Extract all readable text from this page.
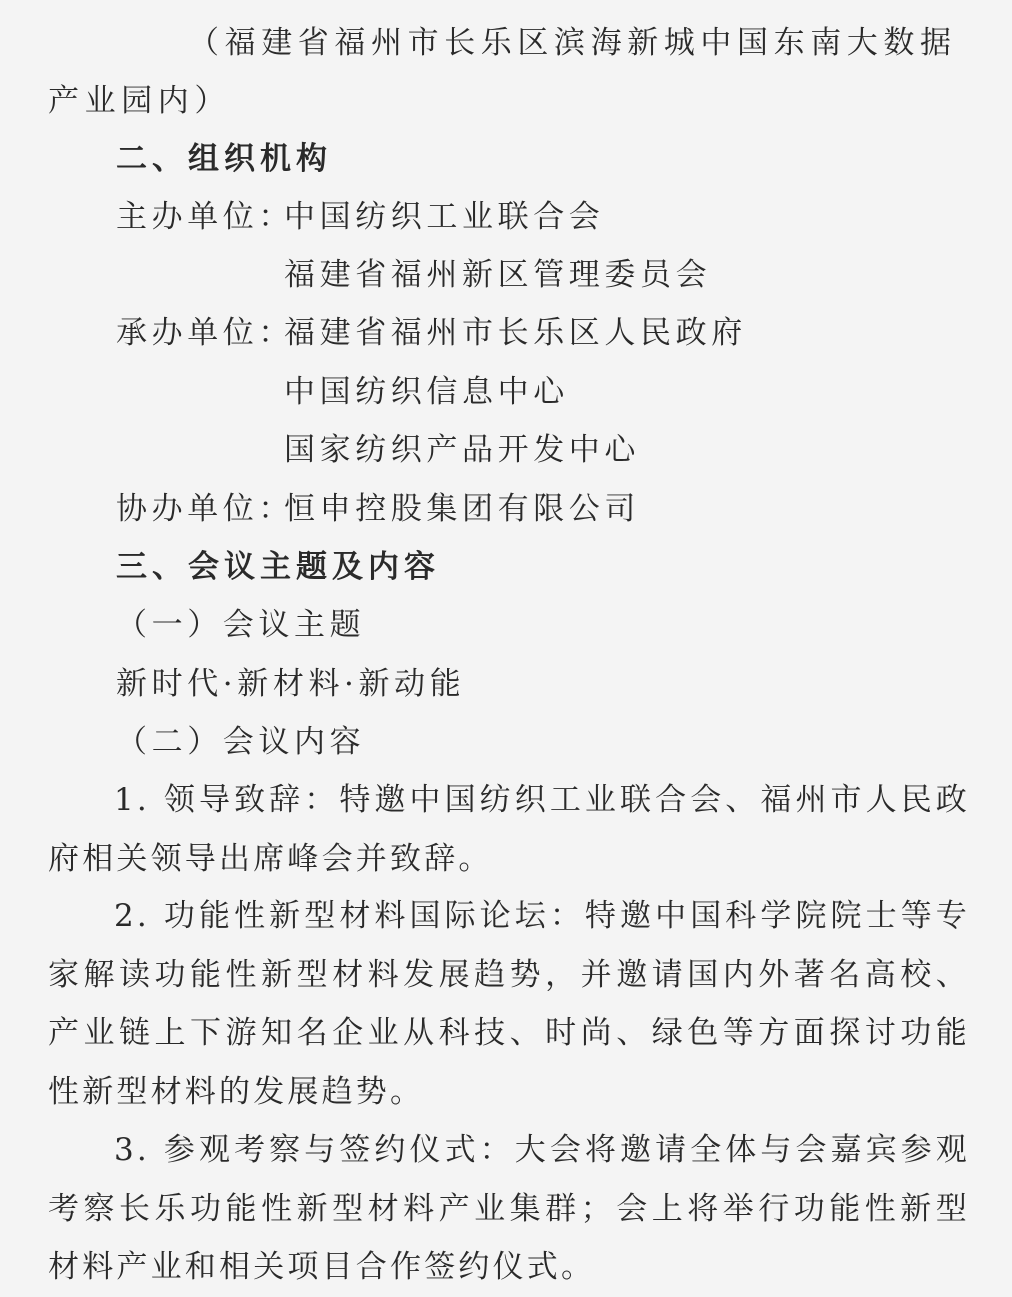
（福建省福州市长乐区滨海新城中国东南大数据产业园内）
二、组织机构
主办单位：
中国纺织工业联合会
福建省福州新区管理委员会
承办单位：
福建省福州市长乐区人民政府
中国纺织信息中心
国家纺织产品开发中心
协办单位：
恒申控股集团有限公司
三、会议主题及内容
（一）会议主题
新时代·新材料·新动能
（二）会议内容
1. 领导致辞：特邀中国纺织工业联合会、福州市人民政府相关领导出席峰会并致辞。
2. 功能性新型材料国际论坛：特邀中国科学院院士等专家解读功能性新型材料发展趋势，并邀请国内外著名高校、产业链上下游知名企业从科技、时尚、绿色等方面探讨功能性新型材料的发展趋势。
3. 参观考察与签约仪式：大会将邀请全体与会嘉宾参观考察长乐功能性新型材料产业集群；会上将举行功能性新型材料产业和相关项目合作签约仪式。
